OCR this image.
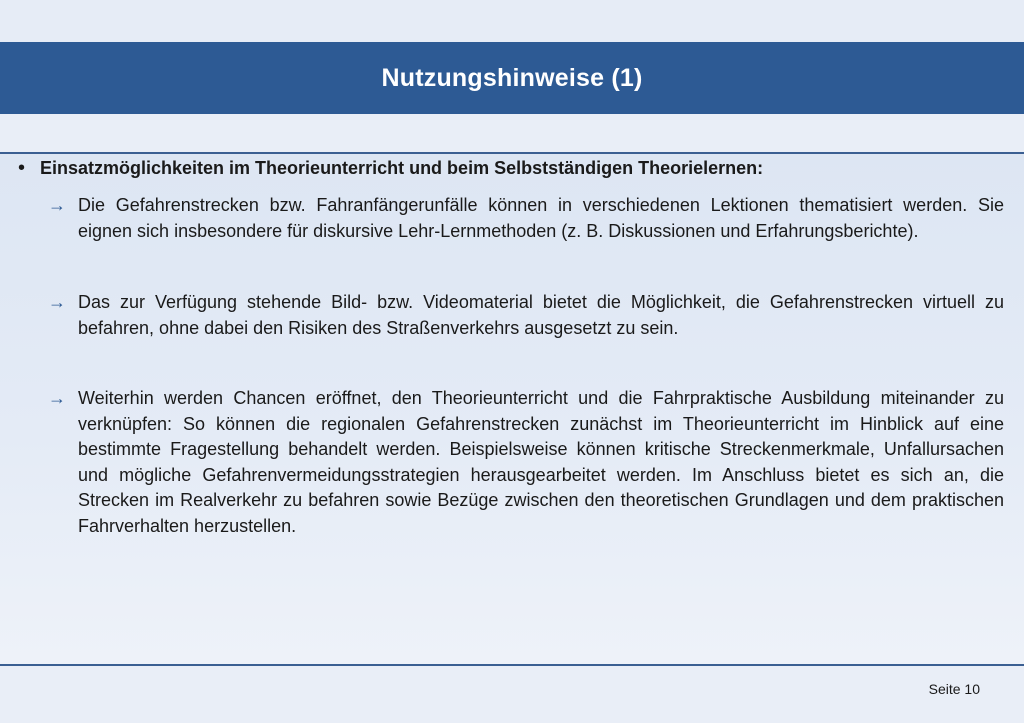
Nutzungshinweise (1)
• Einsatzmöglichkeiten im Theorieunterricht und beim Selbstständigen Theorielernen:
→ Die Gefahrenstrecken bzw. Fahranfängerunfälle können in verschiedenen Lektionen thematisiert werden. Sie eignen sich insbesondere für diskursive Lehr-Lernmethoden (z. B. Diskussionen und Erfahrungsberichte).
→ Das zur Verfügung stehende Bild- bzw. Videomaterial bietet die Möglichkeit, die Gefahrenstrecken virtuell zu befahren, ohne dabei den Risiken des Straßenverkehrs ausgesetzt zu sein.
→ Weiterhin werden Chancen eröffnet, den Theorieunterricht und die Fahrpraktische Ausbildung miteinander zu verknüpfen: So können die regionalen Gefahrenstrecken zunächst im Theorieunterricht im Hinblick auf eine bestimmte Fragestellung behandelt werden. Beispielsweise können kritische Streckenmerkmale, Unfallursachen und mögliche Gefahrenvermeidungsstrategien herausgearbeitet werden. Im Anschluss bietet es sich an, die Strecken im Realverkehr zu befahren sowie Bezüge zwischen den theoretischen Grundlagen und dem praktischen Fahrverhalten herzustellen.
Seite 10
